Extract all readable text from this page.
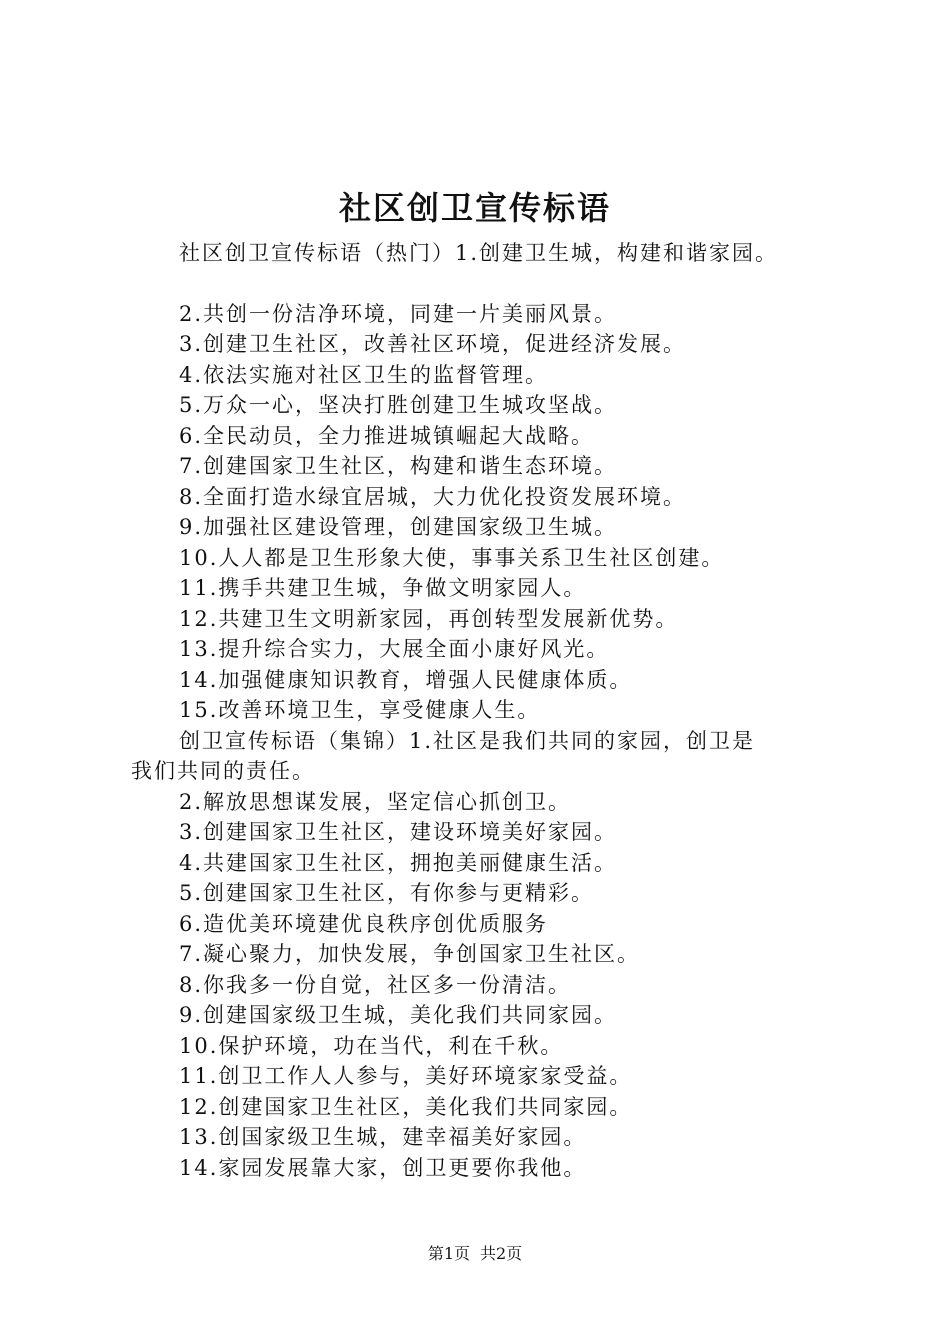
社区创卫宣传标语
社区创卫宣传标语（热门）1.创建卫生城，构建和谐家园。
2.共创一份洁净环境，同建一片美丽风景。
3.创建卫生社区，改善社区环境，促进经济发展。
4.依法实施对社区卫生的监督管理。
5.万众一心，坚决打胜创建卫生城攻坚战。
6.全民动员，全力推进城镇崛起大战略。
7.创建国家卫生社区，构建和谐生态环境。
8.全面打造水绿宜居城，大力优化投资发展环境。
9.加强社区建设管理，创建国家级卫生城。
10.人人都是卫生形象大使，事事关系卫生社区创建。
11.携手共建卫生城，争做文明家园人。
12.共建卫生文明新家园，再创转型发展新优势。
13.提升综合实力，大展全面小康好风光。
14.加强健康知识教育，增强人民健康体质。
15.改善环境卫生，享受健康人生。
创卫宣传标语（集锦）1.社区是我们共同的家园，创卫是
我们共同的责任。
2.解放思想谋发展，坚定信心抓创卫。
3.创建国家卫生社区，建设环境美好家园。
4.共建国家卫生社区，拥抱美丽健康生活。
5.创建国家卫生社区，有你参与更精彩。
6.造优美环境建优良秩序创优质服务
7.凝心聚力，加快发展，争创国家卫生社区。
8.你我多一份自觉，社区多一份清洁。
9.创建国家级卫生城，美化我们共同家园。
10.保护环境，功在当代，利在千秋。
11.创卫工作人人参与，美好环境家家受益。
12.创建国家卫生社区，美化我们共同家园。
13.创国家级卫生城，建幸福美好家园。
14.家园发展靠大家，创卫更要你我他。
第1页 共2页
